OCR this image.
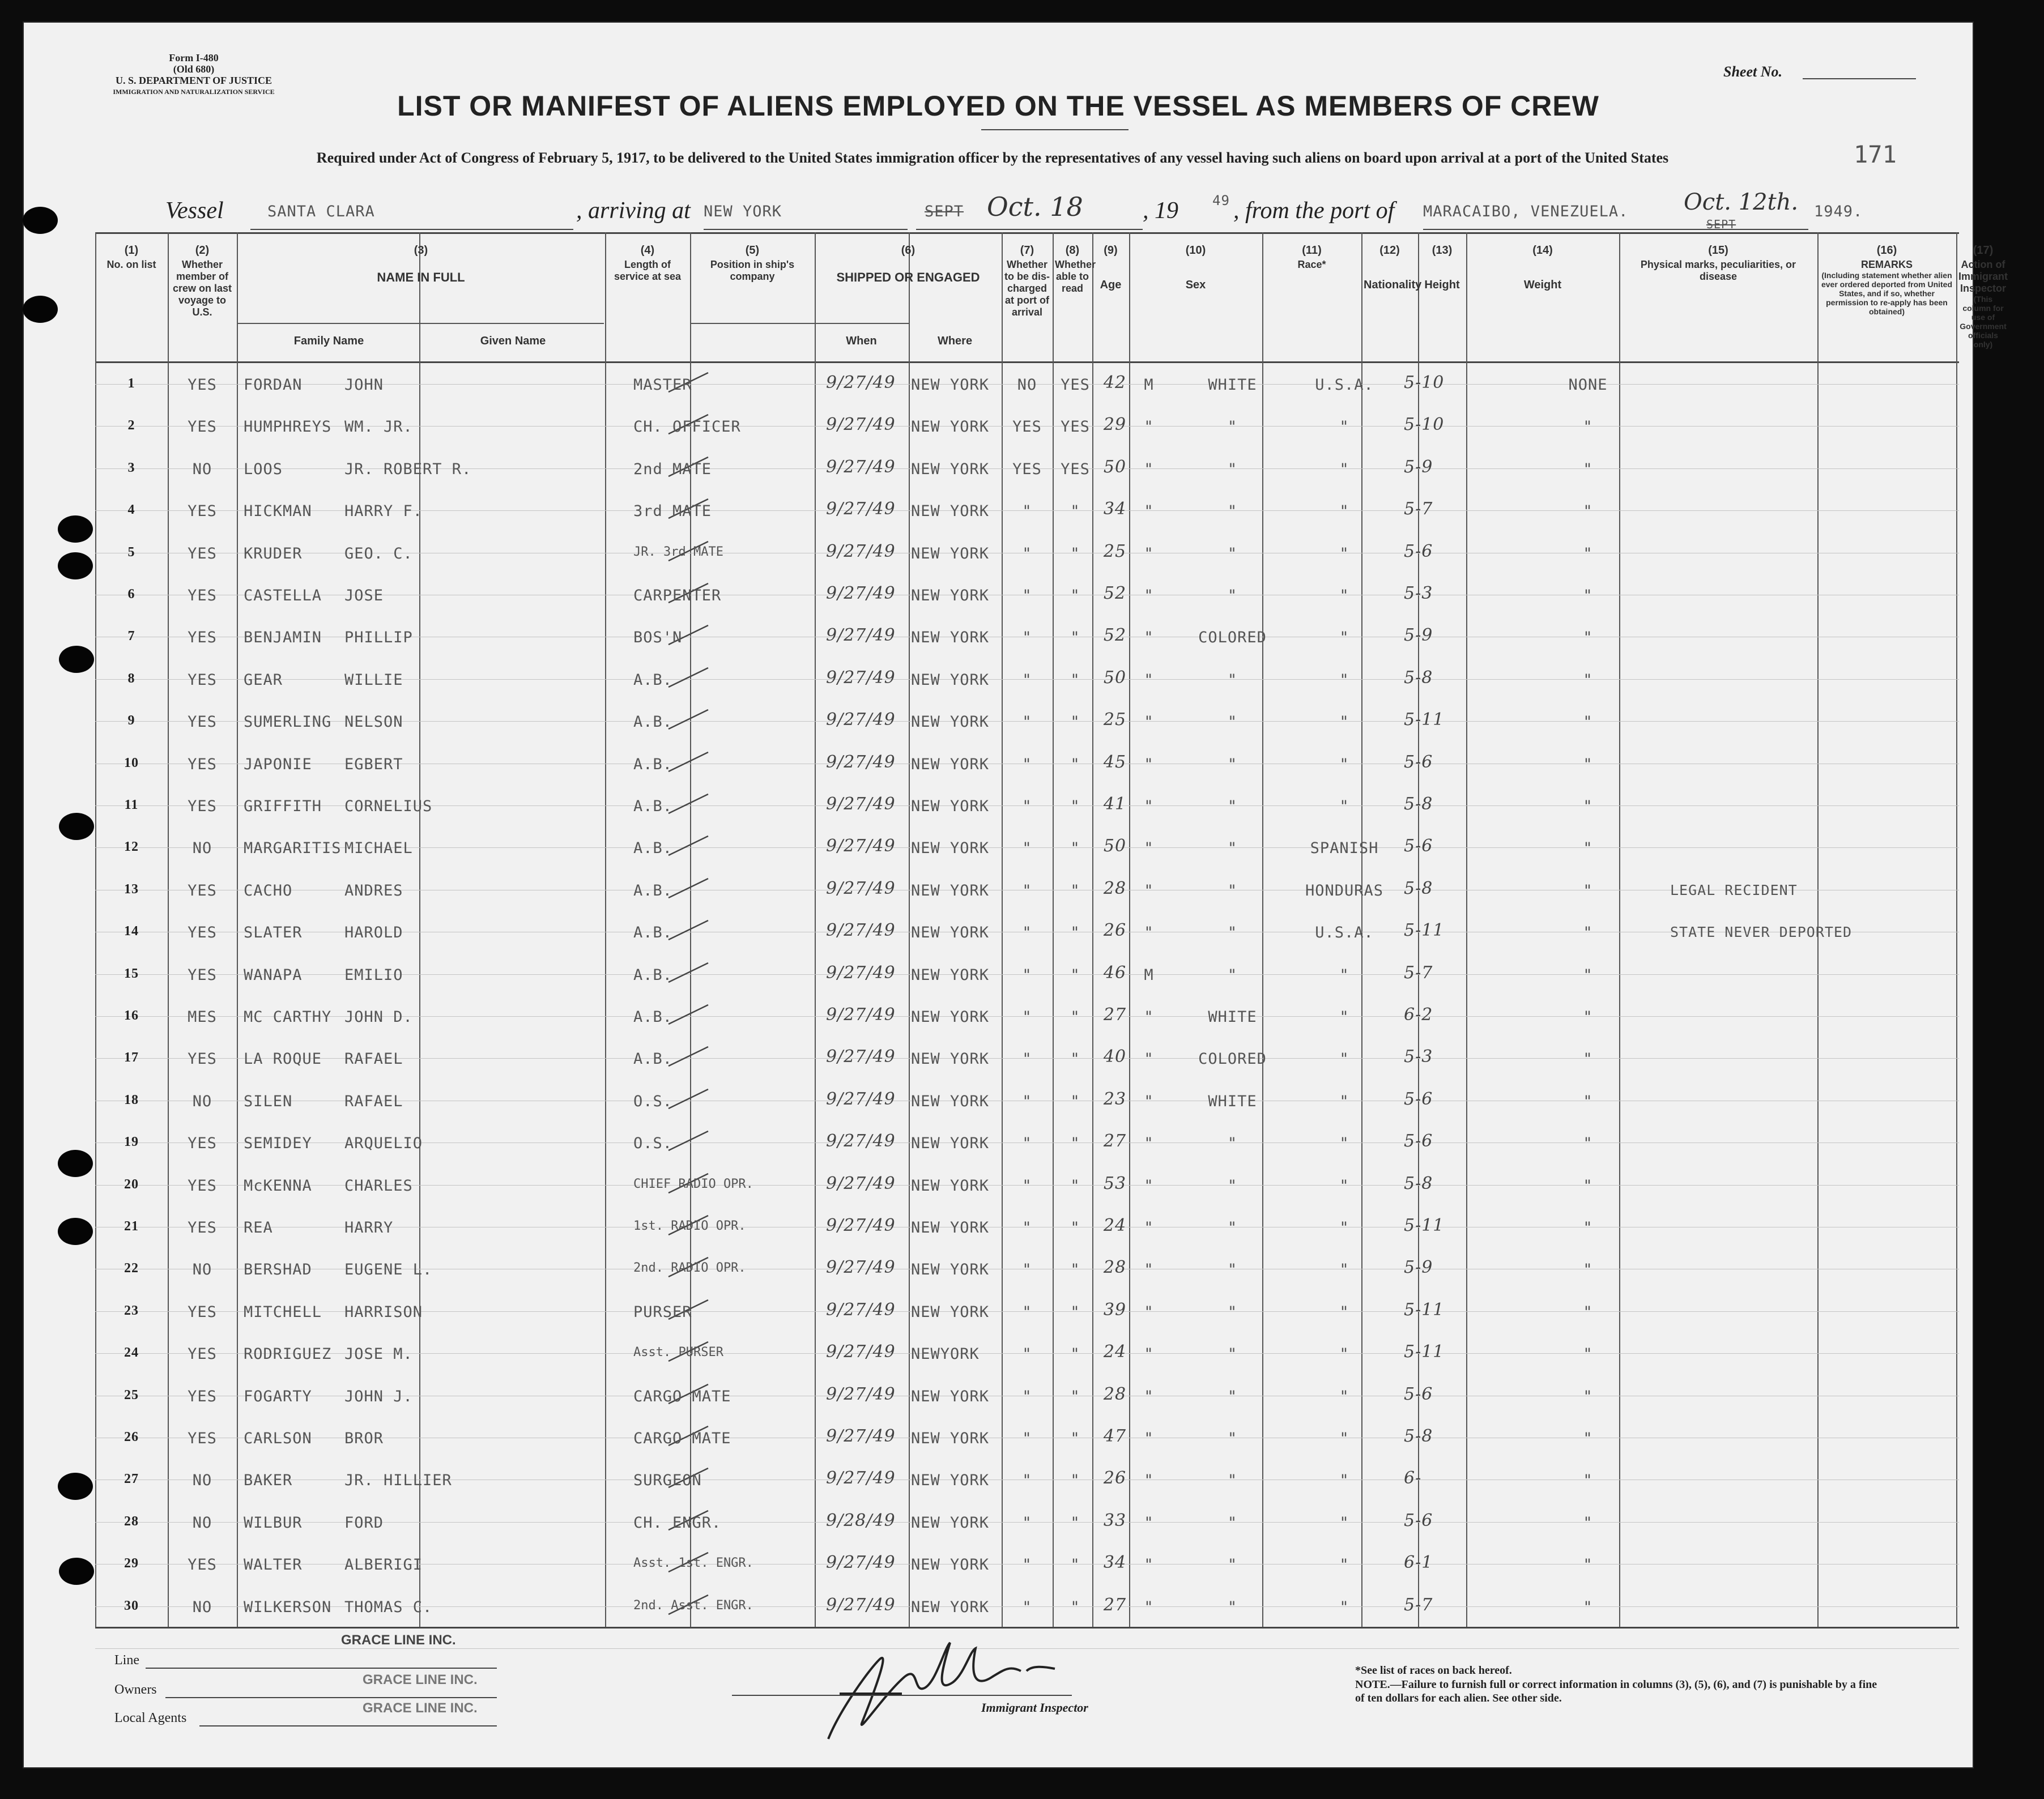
Form I-480
(Old 680)
U. S. DEPARTMENT OF JUSTICE
IMMIGRATION AND NATURALIZATION SERVICE
Sheet No.
LIST OR MANIFEST OF ALIENS EMPLOYED ON THE VESSEL AS MEMBERS OF CREW
Required under Act of Congress of February 5, 1917, to be delivered to the United States immigration officer by the representatives of any vessel having such aliens on board upon arrival at a port of the United States	171
Vessel	SANTA CLARA	, arriving at NEW YORK	SEPT Oct. 18	, 19	49 , from the port of MARACAIBO, VENEZUELA. Oct. 12th.
SEPT
1949.
(1)
No. on list
(2)
Whether member of crew on last voyage to U.S.
(3)
NAME IN FULL
Family Name	Given Name
(4)
Length of service at sea
(5)
Position in ship's company
(6)
SHIPPED OR ENGAGED
When	Where
(7)
Whether to be dis-charged at port of arrival
(8)
Whether able to read
(9)
Age
(10)
Sex
(11)
Race*
(12)
Nationality
(13)
Height
(14)
Weight
(15)
Physical marks, peculiarities, or disease
(16)
REMARKS
(Including statement whether alien ever ordered deported from United States, and if so, whether permission to re-apply has been obtained)
(17)
Action of Immigrant Inspector
(This column for use of Government officials only)
1	YES	FORDAN	JOHN	MASTER	9/27/49 NEW YORK	NO	YES 42	M	WHITE	U.S.A.	5-10	NONE
2	YES	HUMPHREYS WM. JR.	CH. OFFICER	9/27/49 NEW YORK	YES	YES 29	"	"	"	5-10	"
3	NO	LOOS	JR. ROBERT R.	2nd MATE	9/27/49 NEW YORK	YES	YES 50	"	"	"	5-9	"
4	YES	HICKMAN	HARRY F.	3rd MATE	9/27/49 NEW YORK	"	"	34	"	"	"	5-7	"
5	YES	KRUDER	GEO. C.	JR. 3rd MATE	9/27/49 NEW YORK	"	"	25	"	"	"	5-6	"
6	YES	CASTELLA	JOSE	CARPENTER	9/27/49 NEW YORK	"	"	52	"	"	"	5-3	"
7	YES	BENJAMIN	PHILLIP	BOS'N	9/27/49 NEW YORK	"	"	52	"	COLORED	"	5-9	"
8	YES	GEAR	WILLIE	A.B.	9/27/49 NEW YORK	"	"	50	"	"	"	5-8	"
9	YES	SUMERLING NELSON	A.B.	9/27/49 NEW YORK	"	"	25	"	"	"	5-11	"
10	YES	JAPONIE	EGBERT	A.B.	9/27/49 NEW YORK	"	"	45	"	"	"	5-6	"
11	YES	GRIFFITH	CORNELIUS	A.B.	9/27/49 NEW YORK	"	"	41	"	"	"	5-8	"
12	NO	MARGARITIS MICHAEL	A.B.	9/27/49 NEW YORK	"	"	50	"	"	SPANISH	5-6	"
13	YES	CACHO	ANDRES	A.B.	9/27/49 NEW YORK	"	"	28	"	"	HONDURAS	5-8	"	LEGAL RECIDENT
14	YES	SLATER	HAROLD	A.B.	9/27/49 NEW YORK	"	"	26	"	"	U.S.A.	5-11	"	STATE NEVER DEPORTED
15	YES	WANAPA	EMILIO	A.B.	9/27/49 NEW YORK	"	"	46	M	"	"	5-7	"
16	MES	MC CARTHY JOHN D.	A.B.	9/27/49 NEW YORK	"	"	27	"	WHITE	"	6-2	"
17	YES	LA ROQUE	RAFAEL	A.B.	9/27/49 NEW YORK	"	"	40	"	COLORED	"	5-3	"
18	NO	SILEN	RAFAEL	O.S.	9/27/49 NEW YORK	"	"	23	"	WHITE	"	5-6	"
19	YES	SEMIDEY	ARQUELIO	O.S.	9/27/49 NEW YORK	"	"	27	"	"	"	5-6	"
20	YES	McKENNA	CHARLES	CHIEF RADIO OPR.	9/27/49 NEW YORK	"	"	53	"	"	"	5-8	"
21	YES	REA	HARRY	1st. RADIO OPR.	9/27/49 NEW YORK	"	"	24	"	"	"	5-11	"
22	NO	BERSHAD	EUGENE L.	2nd. RADIO OPR.	9/27/49 NEW YORK	"	"	28	"	"	"	5-9	"
23	YES	MITCHELL	HARRISON	PURSER	9/27/49 NEW YORK	"	"	39	"	"	"	5-11	"
24	YES	RODRIGUEZ JOSE M.	Asst. PURSER	9/27/49 NEWYORK	"	"	24	"	"	"	5-11	"
25	YES	FOGARTY	JOHN J.	CARGO MATE	9/27/49 NEW YORK	"	"	28	"	"	"	5-6	"
26	YES	CARLSON	BROR	CARGO MATE	9/27/49 NEW YORK	"	"	47	"	"	"	5-8	"
27	NO	BAKER	JR. HILLIER	SURGEON	9/27/49 NEW YORK	"	"	26	"	"	"	6-	"
28	NO	WILBUR	FORD	CH. ENGR.	9/28/49 NEW YORK	"	"	33	"	"	"	5-6	"
29	YES	WALTER	ALBERIGI	Asst. 1st. ENGR.	9/27/49 NEW YORK	"	"	34	"	"	"	6-1	"
30	NO	WILKERSON THOMAS C.	2nd. Asst. ENGR.	9/27/49 NEW YORK	"	"	27	"	"	"	5-7	"
GRACE LINE INC.
Line
Owners
GRACE LINE INC.
Local Agents
GRACE LINE INC.	Immigrant Inspector
*See list of races on back hereof.
NOTE.—Failure to furnish full or correct information in columns (3), (5), (6), and (7) is punishable by a fine of ten dollars for each alien. See other side.
